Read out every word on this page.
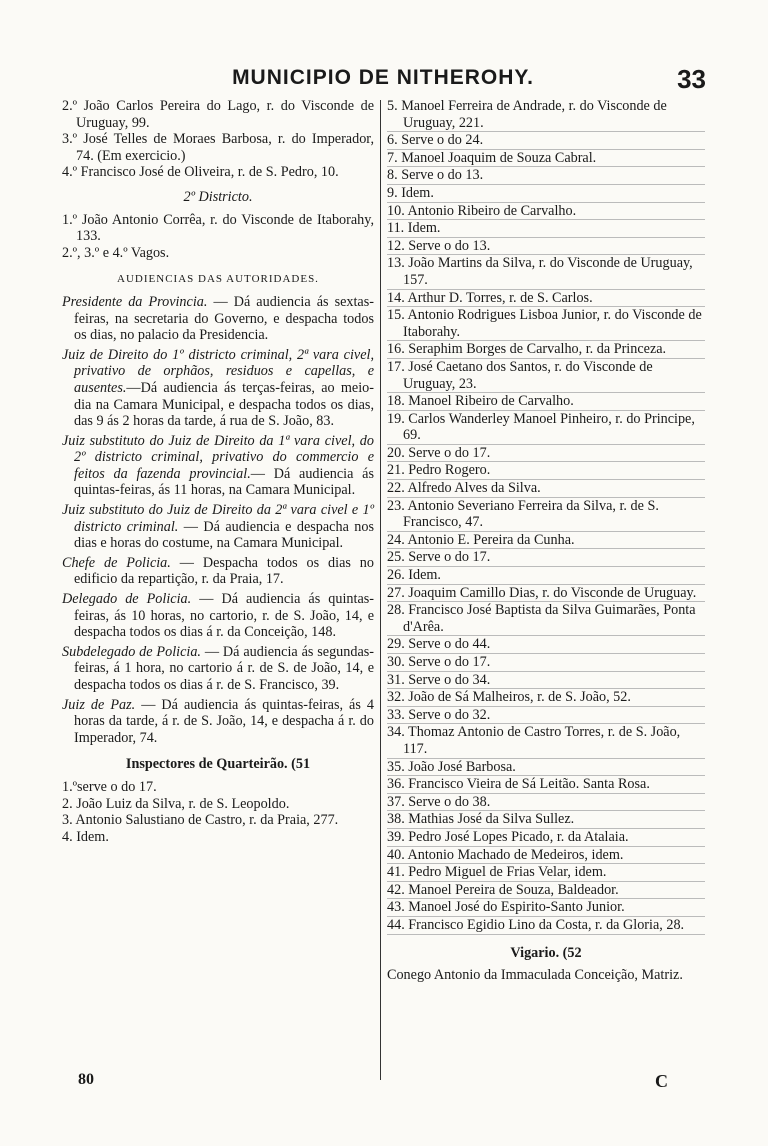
MUNICIPIO DE NITHEROHY.	33

2.º João Carlos Pereira do Lago, r. do Visconde de Uruguay, 99.

3.º José Telles de Moraes Barbosa, r. do Imperador, 74. (Em exercicio.)

4.º Francisco José de Oliveira, r. de S. Pedro, 10.

2º Districto.

1.º João Antonio Corrêa, r. do Visconde de Itaborahy, 133.

2.º, 3.º e 4.º Vagos.

AUDIENCIAS DAS AUTORIDADES.

Presidente da Provincia. — Dá audiencia ás sextas-feiras, na secretaria do Governo, e despacha todos os dias, no palacio da Presidencia.

Juiz de Direito do 1º districto criminal, 2ª vara civel, privativo de orphãos, residuos e capellas, e ausentes.—Dá audiencia ás terças-feiras, ao meio-dia na Camara Municipal, e despacha todos os dias, das 9 ás 2 horas da tarde, á rua de S. João, 83.

Juiz substituto do Juiz de Direito da 1ª vara civel, do 2º districto criminal, privativo do commercio e feitos da fazenda provincial.— Dá audiencia ás quintas-feiras, ás 11 horas, na Camara Municipal.

Juiz substituto do Juiz de Direito da 2ª vara civel e 1º districto criminal. — Dá audiencia e despacha nos dias e horas do costume, na Camara Municipal.

Chefe de Policia. — Despacha todos os dias no edificio da repartição, r. da Praia, 17.

Delegado de Policia. — Dá audiencia ás quintas-feiras, ás 10 horas, no cartorio, r. de S. João, 14, e despacha todos os dias á r. da Conceição, 148.

Subdelegado de Policia. — Dá audiencia ás segundas-feiras, á 1 hora, no cartorio á r. de S. de João, 14, e despacha todos os dias á r. de S. Francisco, 39.

Juiz de Paz. — Dá audiencia ás quintas-feiras, ás 4 horas da tarde, á r. de S. João, 14, e despacha á r. do Imperador, 74.

Inspectores de Quarteirão. (51

1.ºserve o do 17.

2. João Luiz da Silva, r. de S. Leopoldo.

3. Antonio Salustiano de Castro, r. da Praia, 277.

4. Idem.

5. Manoel Ferreira de Andrade, r. do Visconde de Uruguay, 221.

6. Serve o do 24.

7. Manoel Joaquim de Souza Cabral.

8. Serve o do 13.

9. Idem.

10. Antonio Ribeiro de Carvalho.

11. Idem.

12. Serve o do 13.

13. João Martins da Silva, r. do Visconde de Uruguay, 157.

14. Arthur D. Torres, r. de S. Carlos.

15. Antonio Rodrigues Lisboa Junior, r. do Visconde de Itaborahy.

16. Seraphim Borges de Carvalho, r. da Princeza.

17. José Caetano dos Santos, r. do Visconde de Uruguay, 23.

18. Manoel Ribeiro de Carvalho.

19. Carlos Wanderley Manoel Pinheiro, r. do Principe, 69.

20. Serve o do 17.

21. Pedro Rogero.

22. Alfredo Alves da Silva.

23. Antonio Severiano Ferreira da Silva, r. de S. Francisco, 47.

24. Antonio E. Pereira da Cunha.

25. Serve o do 17.

26. Idem.

27. Joaquim Camillo Dias, r. do Visconde de Uruguay.

28. Francisco José Baptista da Silva Guimarães, Ponta d'Arêa.

29. Serve o do 44.

30. Serve o do 17.

31. Serve o do 34.

32. João de Sá Malheiros, r. de S. João, 52.

33. Serve o do 32.

34. Thomaz Antonio de Castro Torres, r. de S. João, 117.

35. João José Barbosa.

36. Francisco Vieira de Sá Leitão. Santa Rosa.

37. Serve o do 38.

38. Mathias José da Silva Sullez.

39. Pedro José Lopes Picado, r. da Atalaia.

40. Antonio Machado de Medeiros, idem.

41. Pedro Miguel de Frias Velar, idem.

42. Manoel Pereira de Souza, Baldeador.

43. Manoel José do Espirito-Santo Junior.

44. Francisco Egidio Lino da Costa, r. da Gloria, 28.

Vigario. (52

Conego Antonio da Immaculada Conceição, Matriz.

80	C
